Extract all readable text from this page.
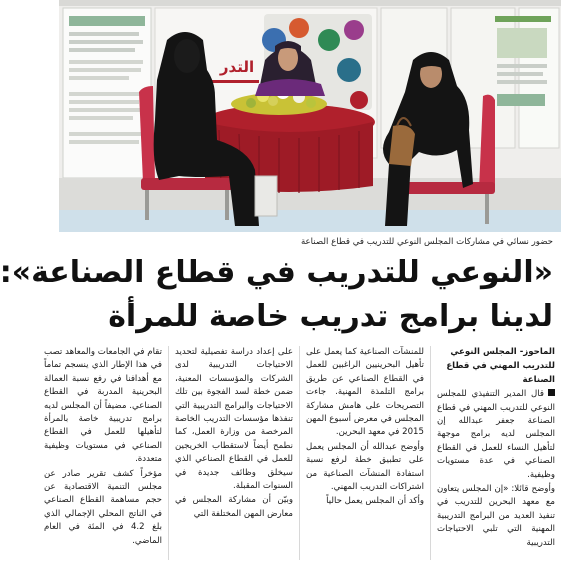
التدر
حضور نسائي في مشاركات المجلس النوعي للتدريب في قطاع الصناعة
«النوعي للتدريب في قطاع الصناعة»:
لدينا برامج تدريب خاصة للمرأة

الماحوز- المجلس النوعي

للتدريب المهني في قطاع الصناعة

قال المدير التنفيذي للمجلس النوعي للتدريب المهني في قطاع الصناعة جعفر عبدالله إن المجلس لديه برامج موجهة لتأهيل النساء للعمل في القطاع الصناعي في عدة مستويات وظيفية.

وأوضح قائلا: «إن المجلس يتعاون مع معهد البحرين للتدريب في تنفيذ العديد من البرامج التدريبية المهنية التي تلبي الاحتياجات التدريبية

للمنشآت الصناعية كما يعمل على تأهيل البحرينيين الراغبين للعمل في القطاع الصناعي عن طريق برامج التلمذة المهنية. جاءت التصريحات على هامش مشاركة المجلس في معرض أسبوع المهن 2015 في معهد البحرين.

وأوضح عبدالله أن المجلس يعمل على تطبيق خطة لرفع نسبة استفادة المنشآت الصناعية من اشتراكات التدريب المهني.

وأكد أن المجلس يعمل حالياً

على إعداد دراسة تفصيلية لتحديد الاحتياجات التدريبية لدى الشركات والمؤسسات المعنية، ضمن خطة لسد الفجوة بين تلك الاحتياجات والبرامج التدريبية التي تنفذها مؤسسات التدريب الخاصة المرخصة من وزارة العمل، كما نطمح أيضاً لاستقطاب الخريجين للعمل في القطاع الصناعي الذي سيخلق وظائف جديدة في السنوات المقبلة.

وبيّن أن مشاركة المجلس في معارض المهن المختلفة التي

تقام في الجامعات والمعاهد تصب في هذا الإطار الذي ينسجم تماماً مع أهدافنا في رفع نسبة العمالة البحرينية المدربة في القطاع الصناعي. مضيفاً أن المجلس لديه برامج تدريبية خاصة بالمرأة لتأهيلها للعمل في القطاع الصناعي في مستويات وظيفية متعددة.

مؤخراً كشف تقرير صادر عن مجلس التنمية الاقتصادية عن حجم مساهمة القطاع الصناعي في الناتج المحلي الإجمالي الذي بلغ 4.2 في المئة في العام الماضي.
